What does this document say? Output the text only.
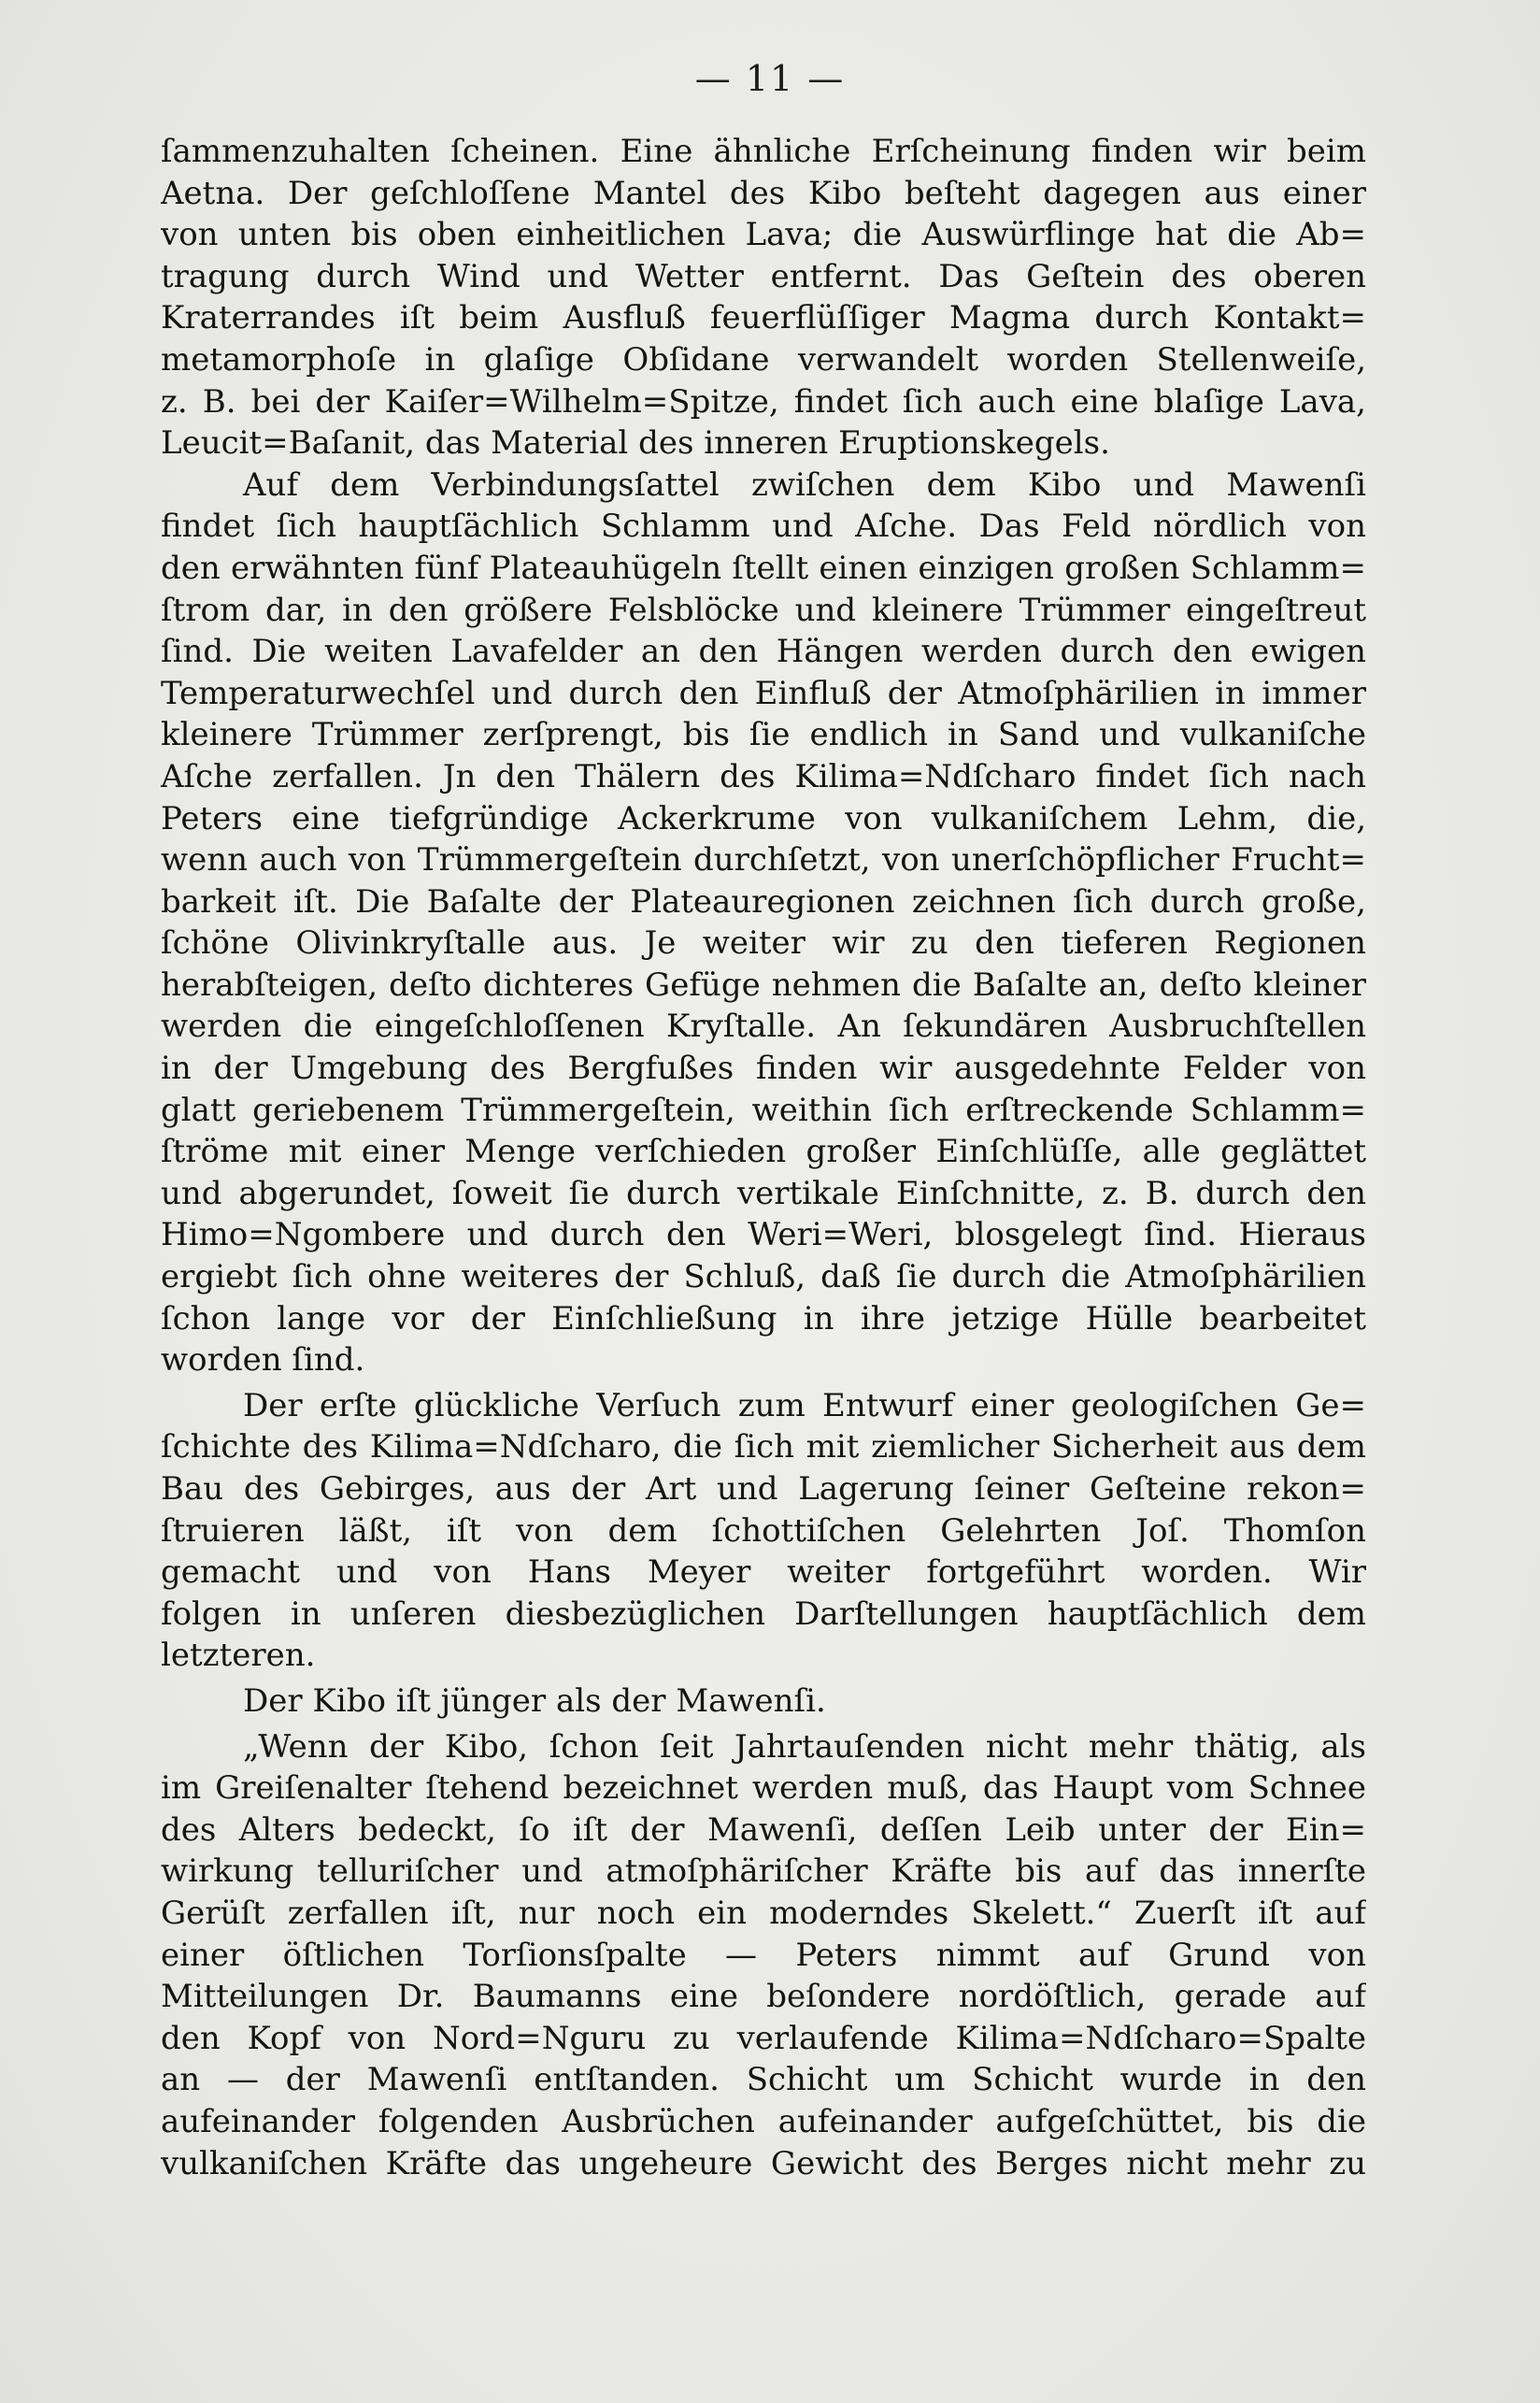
— 11 —
ſammenzuhalten ſcheinen. Eine ähnliche Erſcheinung finden wir beim
Aetna. Der geſchloſſene Mantel des Kibo beſteht dagegen aus einer
von unten bis oben einheitlichen Lava; die Auswürflinge hat die Ab=
tragung durch Wind und Wetter entfernt. Das Geſtein des oberen
Kraterrandes iſt beim Ausfluß feuerflüſſiger Magma durch Kontakt=
metamorphoſe in glaſige Obſidane verwandelt worden Stellenweiſe,
z. B. bei der Kaiſer=Wilhelm=Spitze, findet ſich auch eine blaſige Lava,
Leucit=Baſanit, das Material des inneren Eruptionskegels.
Auf dem Verbindungsſattel zwiſchen dem Kibo und Mawenſi
findet ſich hauptſächlich Schlamm und Aſche. Das Feld nördlich von
den erwähnten fünf Plateauhügeln ſtellt einen einzigen großen Schlamm=
ſtrom dar, in den größere Felsblöcke und kleinere Trümmer eingeſtreut
ſind. Die weiten Lavafelder an den Hängen werden durch den ewigen
Temperaturwechſel und durch den Einfluß der Atmoſphärilien in immer
kleinere Trümmer zerſprengt, bis ſie endlich in Sand und vulkaniſche
Aſche zerfallen. Jn den Thälern des Kilima=Ndſcharo findet ſich nach
Peters eine tiefgründige Ackerkrume von vulkaniſchem Lehm, die,
wenn auch von Trümmergeſtein durchſetzt, von unerſchöpflicher Frucht=
barkeit iſt. Die Baſalte der Plateauregionen zeichnen ſich durch große,
ſchöne Olivinkryſtalle aus. Je weiter wir zu den tieferen Regionen
herabſteigen, deſto dichteres Gefüge nehmen die Baſalte an, deſto kleiner
werden die eingeſchloſſenen Kryſtalle. An ſekundären Ausbruchſtellen
in der Umgebung des Bergfußes finden wir ausgedehnte Felder von
glatt geriebenem Trümmergeſtein, weithin ſich erſtreckende Schlamm=
ſtröme mit einer Menge verſchieden großer Einſchlüſſe, alle geglättet
und abgerundet, ſoweit ſie durch vertikale Einſchnitte, z. B. durch den
Himo=Ngombere und durch den Weri=Weri, blosgelegt ſind. Hieraus
ergiebt ſich ohne weiteres der Schluß, daß ſie durch die Atmoſphärilien
ſchon lange vor der Einſchließung in ihre jetzige Hülle bearbeitet
worden ſind.
Der erſte glückliche Verſuch zum Entwurf einer geologiſchen Ge=
ſchichte des Kilima=Ndſcharo, die ſich mit ziemlicher Sicherheit aus dem
Bau des Gebirges, aus der Art und Lagerung ſeiner Geſteine rekon=
ſtruieren läßt, iſt von dem ſchottiſchen Gelehrten Joſ. Thomſon
gemacht und von Hans Meyer weiter fortgeführt worden. Wir
folgen in unſeren diesbezüglichen Darſtellungen hauptſächlich dem
letzteren.
Der Kibo iſt jünger als der Mawenſi.
„Wenn der Kibo, ſchon ſeit Jahrtauſenden nicht mehr thätig, als
im Greiſenalter ſtehend bezeichnet werden muß, das Haupt vom Schnee
des Alters bedeckt, ſo iſt der Mawenſi, deſſen Leib unter der Ein=
wirkung telluriſcher und atmoſphäriſcher Kräfte bis auf das innerſte
Gerüſt zerfallen iſt, nur noch ein moderndes Skelett.“ Zuerſt iſt auf
einer öſtlichen Torſionsſpalte — Peters nimmt auf Grund von
Mitteilungen Dr. Baumanns eine beſondere nordöſtlich, gerade auf
den Kopf von Nord=Nguru zu verlaufende Kilima=Ndſcharo=Spalte
an — der Mawenſi entſtanden. Schicht um Schicht wurde in den
aufeinander folgenden Ausbrüchen aufeinander aufgeſchüttet, bis die
vulkaniſchen Kräfte das ungeheure Gewicht des Berges nicht mehr zu
